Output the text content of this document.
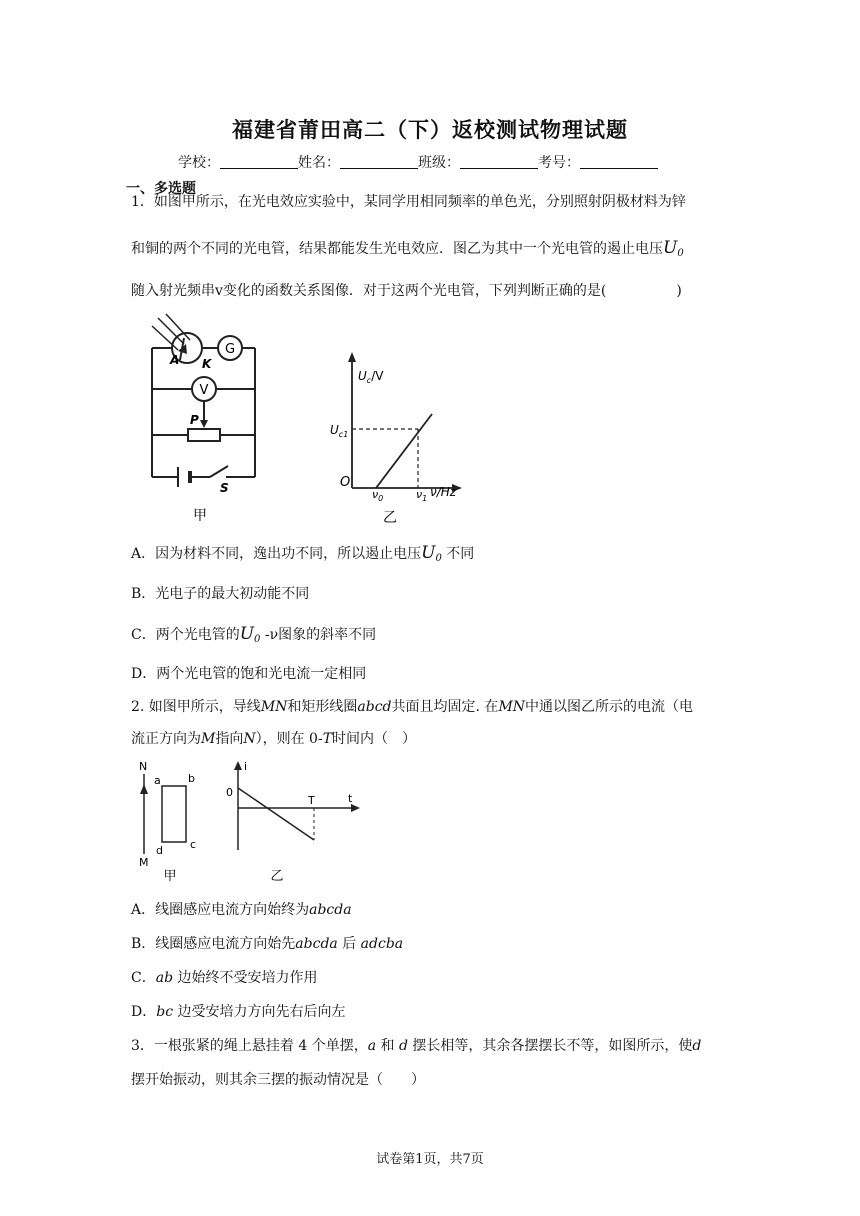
福建省莆田高二（下）返校测试物理试题
学校：	姓名：	班级：	考号：
一、多选题
1．如图甲所示，在光电效应实验中，某同学用相同频率的单色光，分别照射阴极材料为锌
和铜的两个不同的光电管，结果都能发生光电效应．图乙为其中一个光电管的遏止电压$U_0$
随入射光频串v变化的函数关系图像．对于这两个光电管，下列判断正确的是(　　　　　)
G
V
A K
P
S
甲
$U_c/V$
$U_{c1}$
O
$\nu_0$	$\nu_1$ ν/Hz
乙
A．因为材料不同，逸出功不同，所以遏止电压$U_0$ 不同
B．光电子的最大初动能不同
C．两个光电管的$U_0$ -ν图象的斜率不同
D．两个光电管的饱和光电流一定相同
2. 如图甲所示，导线MN和矩形线圈abcd共面且均固定. 在MN中通以图乙所示的电流（电
流正方向为M指向N），则在 0-T时间内（　）
N
M
a b
c
d
甲
i
0
T	t
乙
A．线圈感应电流方向始终为abcda
B．线圈感应电流方向始先abcda 后 adcba
C．ab 边始终不受安培力作用
D．bc 边受安培力方向先右后向左
3．一根张紧的绳上悬挂着 4 个单摆，a 和 d 摆长相等，其余各摆摆长不等，如图所示，使d
摆开始振动，则其余三摆的振动情况是（　　）
试卷第1页，共7页
